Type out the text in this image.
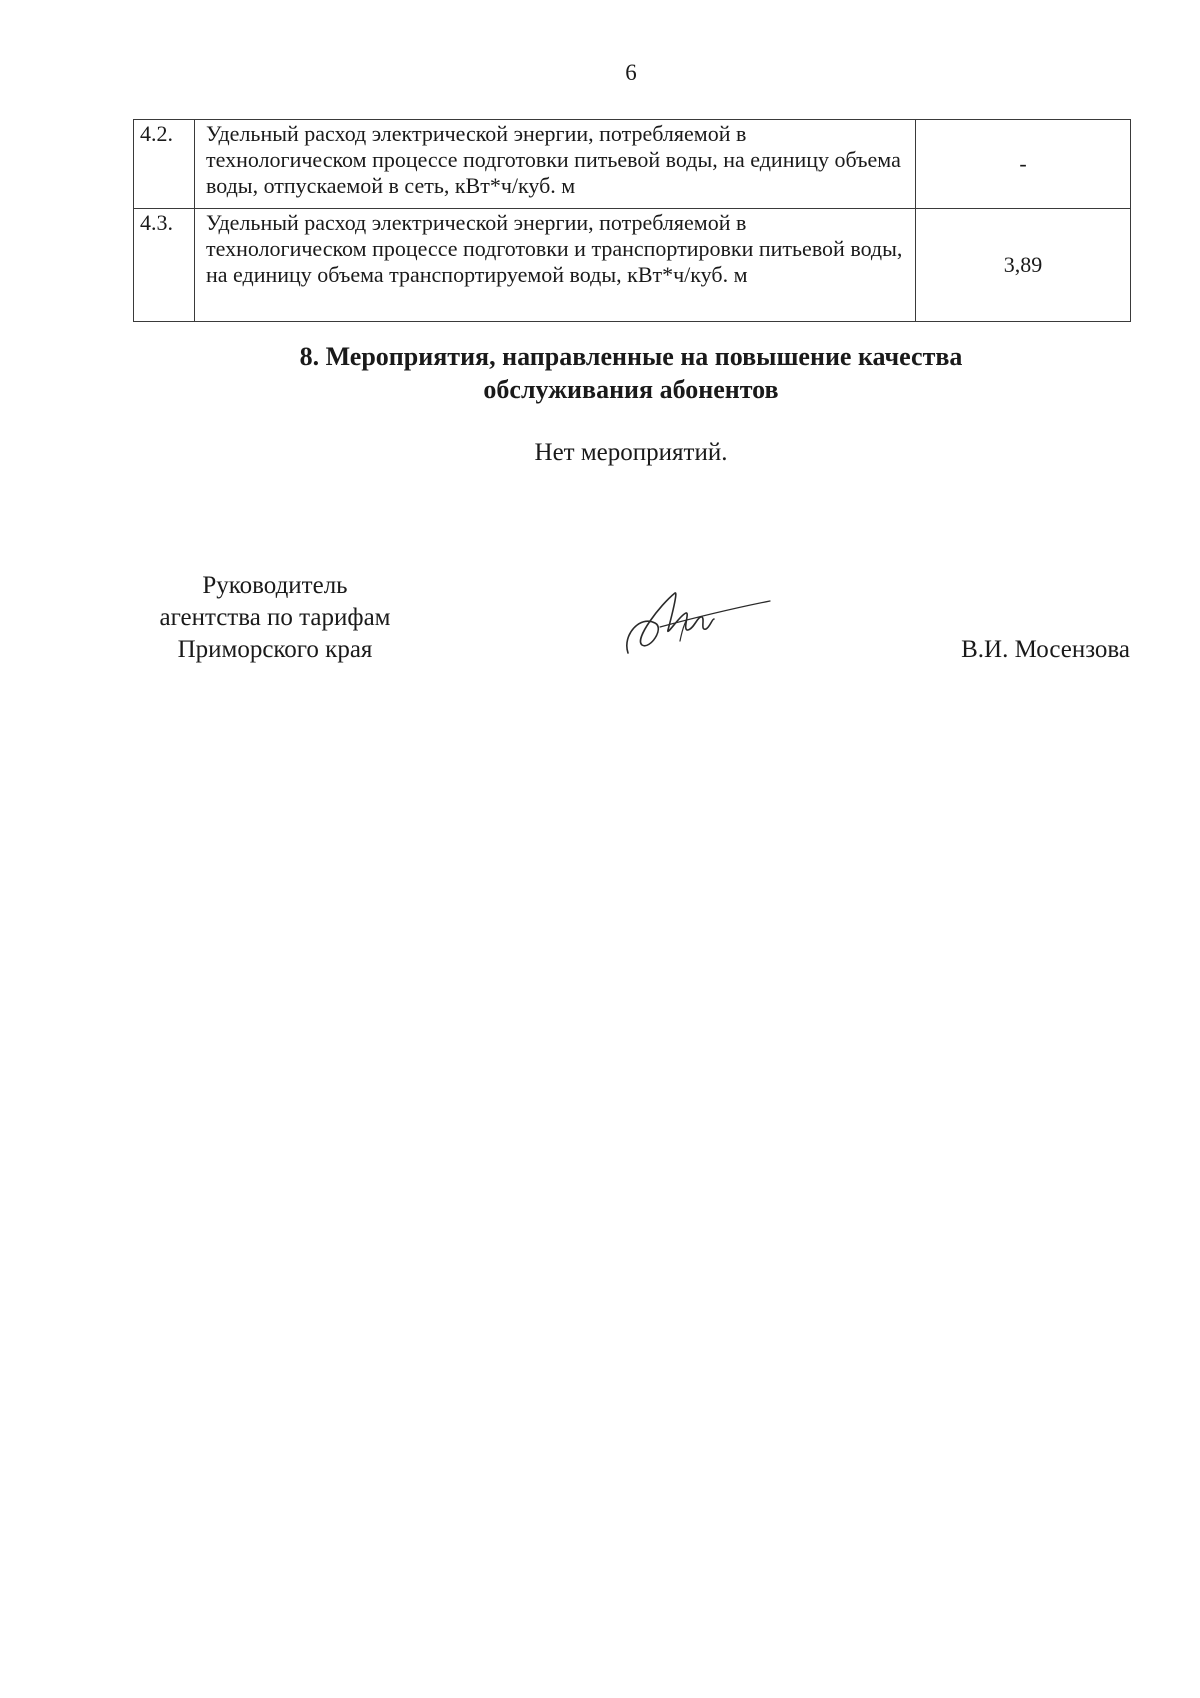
6
4.2.	Удельный расход электрической энергии, потребляемой в технологическом процессе подготовки питьевой воды, на единицу объема воды, отпускаемой в сеть, кВт*ч/куб. м	-
4.3.	Удельный расход электрической энергии, потребляемой в технологическом процессе подготовки и транспортировки питьевой воды, на единицу объема транспортируемой воды, кВт*ч/куб. м	3,89
8. Мероприятия, направленные на повышение качества
обслуживания абонентов
Нет мероприятий.
Руководитель
агентства по тарифам
Приморского края	В.И. Мосензова
